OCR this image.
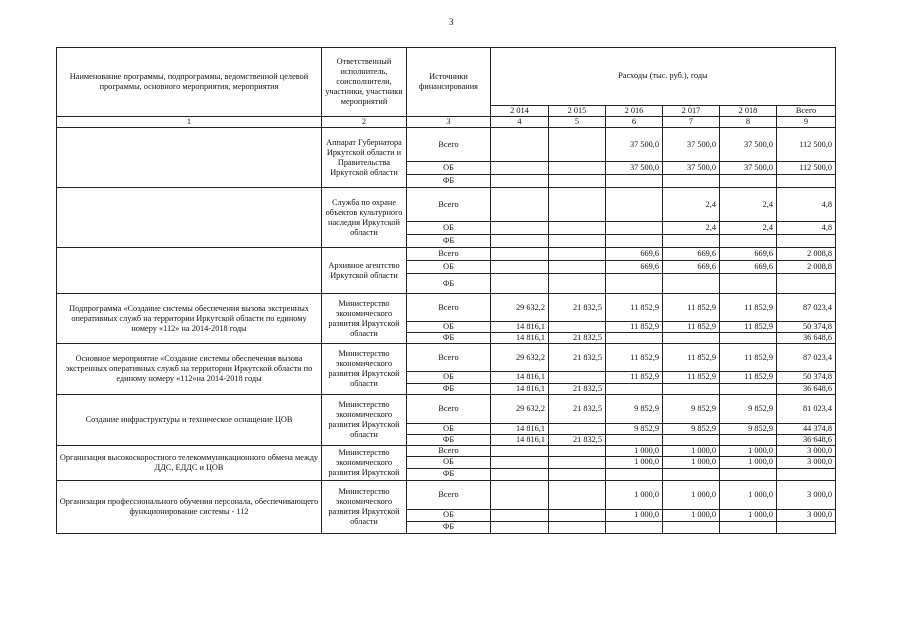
3
Наименование программы, подпрограммы, ведомственной целевой программы, основного мероприятия, мероприятия	Ответственный исполнитель, соисполнители, участники, участники мероприятий	Источники финансирования	Расходы (тыс. руб.), годы					
			2 014	2 015	2 016	2 017	2 018	Всего
1	2	3	4	5	6	7	8	9
	Аппарат Губернатора Иркутской области и Правительства Иркутской области	Всего			37 500,0	37 500,0	37 500,0	112 500,0
		ОБ			37 500,0	37 500,0	37 500,0	112 500,0
		ФБ						
	Служба по охране объектов культурного наследия Иркутской области	Всего				2,4	2,4	4,8
		ОБ				2,4	2,4	4,8
		ФБ						
	Архивное агентство Иркутской области	Всего			669,6	669,6	669,6	2 008,8
		ОБ			669,6	669,6	669,6	2 008,8
		ФБ						
Подпрограмма «Создание системы обеспечения вызова экстренных оперативных служб на территории Иркутской области по единому номеру «112» на 2014-2018 годы	Министерство экономического развития Иркутской области	Всего	29 632,2	21 832,5	11 852,9	11 852,9	11 852,9	87 023,4
		ОБ	14 816,1		11 852,9	11 852,9	11 852,9	50 374,8
		ФБ	14 816,1	21 832,5				36 648,6
Основное мероприятие «Создание системы обеспечения вызова экстренных оперативных служб на территории Иркутской области по единому номеру «112»на 2014-2018 годы	Министерство экономического развития Иркутской области	Всего	29 632,2	21 832,5	11 852,9	11 852,9	11 852,9	87 023,4
		ОБ	14 816,1		11 852,9	11 852,9	11 852,9	50 374,8
		ФБ	14 816,1	21 832,5				36 648,6
Создание инфраструктуры и техническое оснащение ЦОВ	Министерство экономического развития Иркутской области	Всего	29 632,2	21 832,5	9 852,9	9 852,9	9 852,9	81 023,4
		ОБ	14 816,1		9 852,9	9 852,9	9 852,9	44 374,8
		ФБ	14 816,1	21 832,5				36 648,6
Организация высокоскоростного телекоммуникационного обмена между ДДС, ЕДДС и ЦОВ	Министерство экономического развития Иркутской	Всего			1 000,0	1 000,0	1 000,0	3 000,0
		ОБ			1 000,0	1 000,0	1 000,0	3 000,0
		ФБ						
Организация профессионального обучения персонала, обеспечивающего функционирование системы - 112	Министерство экономического развития Иркутской области	Всего			1 000,0	1 000,0	1 000,0	3 000,0
		ОБ			1 000,0	1 000,0	1 000,0	3 000,0
		ФБ						
